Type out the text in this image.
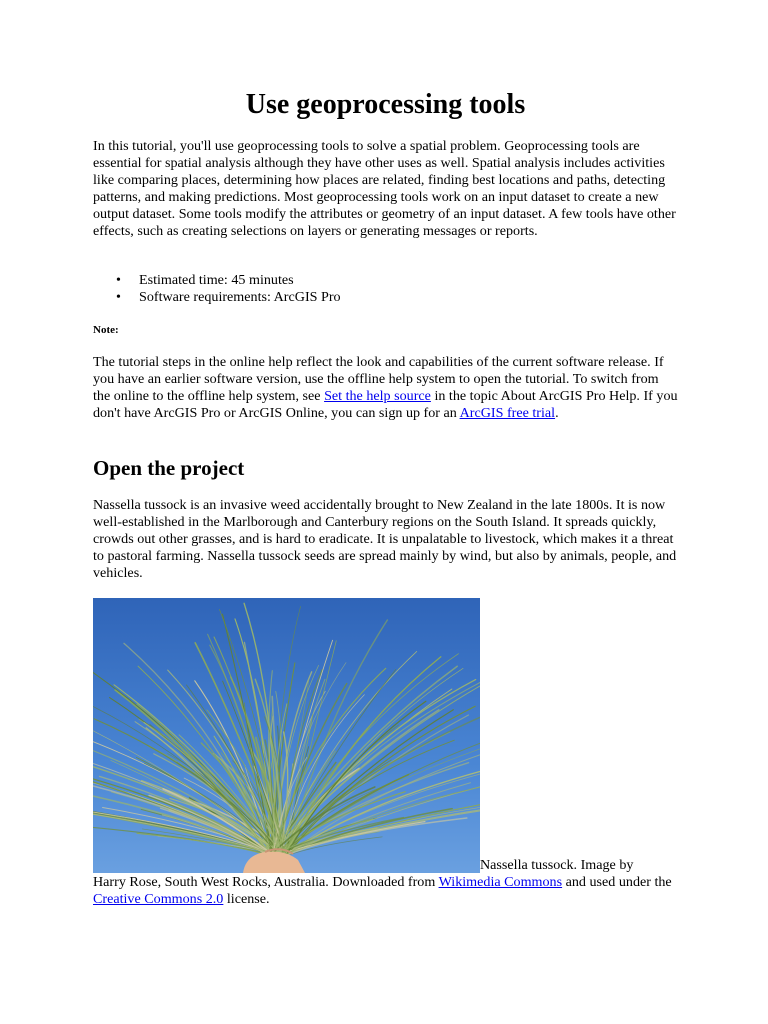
Use geoprocessing tools

In this tutorial, you'll use geoprocessing tools to solve a spatial problem. Geoprocessing tools are essential for spatial analysis although they have other uses as well. Spatial analysis includes activities like comparing places, determining how places are related, finding best locations and paths, detecting patterns, and making predictions. Most geoprocessing tools work on an input dataset to create a new output dataset. Some tools modify the attributes or geometry of an input dataset. A few tools have other effects, such as creating selections on layers or generating messages or reports.

• Estimated time: 45 minutes
• Software requirements: ArcGIS Pro

Note:

The tutorial steps in the online help reflect the look and capabilities of the current software release. If you have an earlier software version, use the offline help system to open the tutorial. To switch from the online to the offline help system, see Set the help source in the topic About ArcGIS Pro Help. If you don't have ArcGIS Pro or ArcGIS Online, you can sign up for an ArcGIS free trial.

Open the project

Nassella tussock is an invasive weed accidentally brought to New Zealand in the late 1800s. It is now well-established in the Marlborough and Canterbury regions on the South Island. It spreads quickly, crowds out other grasses, and is hard to eradicate. It is unpalatable to livestock, which makes it a threat to pastoral farming. Nassella tussock seeds are spread mainly by wind, but also by animals, people, and vehicles.

Nassella tussock. Image by

Harry Rose, South West Rocks, Australia. Downloaded from Wikimedia Commons and used under the Creative Commons 2.0 license.
